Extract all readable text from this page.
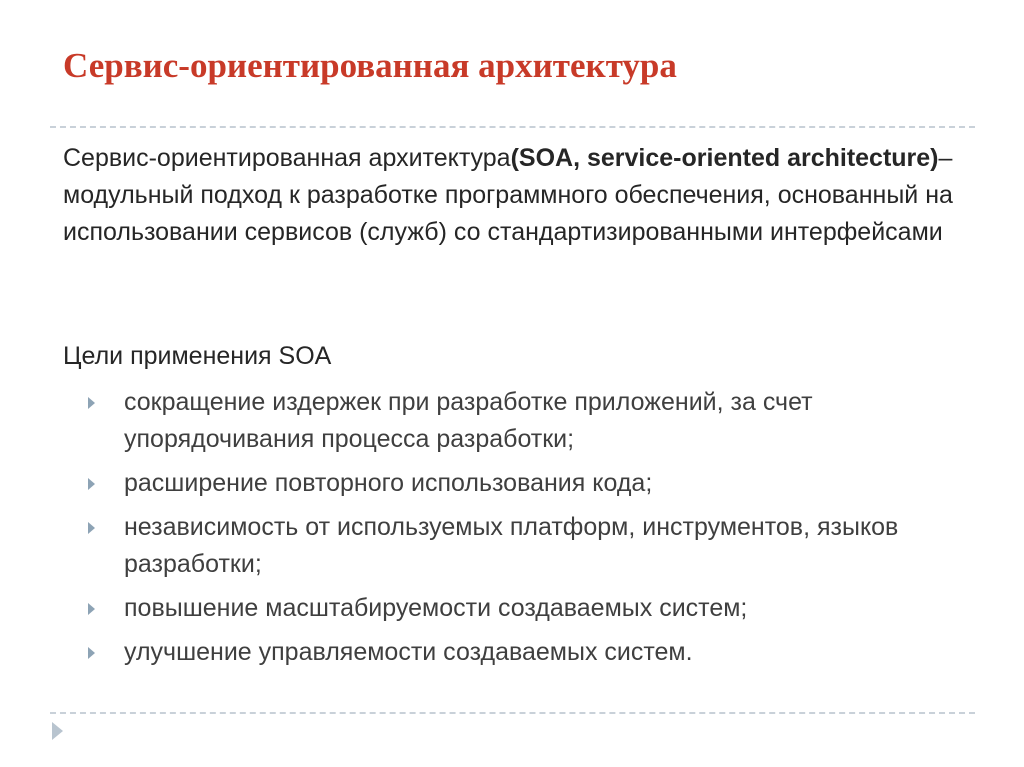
Сервис-ориентированная архитектура

Сервис-ориентированная архитектура(SOA, service-oriented architecture)– модульный подход к разработке программного обеспечения, основанный на использовании сервисов (служб) со стандартизированными интерфейсами

Цели применения SOA

сокращение издержек при разработке приложений, за счет упорядочивания процесса разработки;
расширение повторного использования кода;
независимость от используемых платформ, инструментов, языков разработки;
повышение масштабируемости создаваемых систем;
улучшение управляемости создаваемых систем.
